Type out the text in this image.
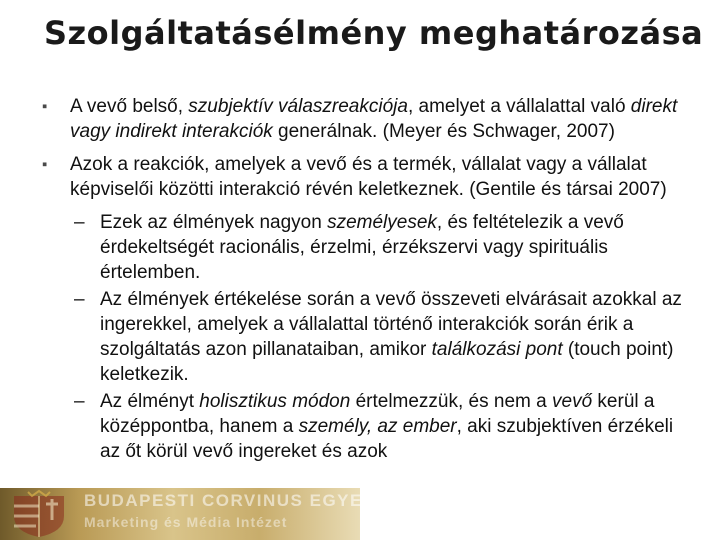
BUDAPESTI CORVINUS EGYETEM
Marketing és Média Intézet
Szolgáltatásélmény meghatározása
▪ A vevő belső, szubjektív válaszreakciója, amelyet a vállalattal való direkt vagy indirekt interakciók generálnak. (Meyer és Schwager, 2007)
▪ Azok a reakciók, amelyek a vevő és a termék, vállalat vagy a vállalat képviselői közötti interakció révén keletkeznek. (Gentile és társai 2007)
– Ezek az élmények nagyon személyesek, és feltételezik a vevő érdekeltségét racionális, érzelmi, érzékszervi vagy spirituális értelemben.
– Az élmények értékelése során a vevő összeveti elvárásait azokkal az ingerekkel, amelyek a vállalattal történő interakciók során érik a szolgáltatás azon pillanataiban, amikor találkozási pont (touch point) keletkezik.
– Az élményt holisztikus módon értelmezzük, és nem a vevő kerül a középpontba, hanem a személy, az ember, aki szubjektíven érzékeli az őt körül vevő ingereket és azok
